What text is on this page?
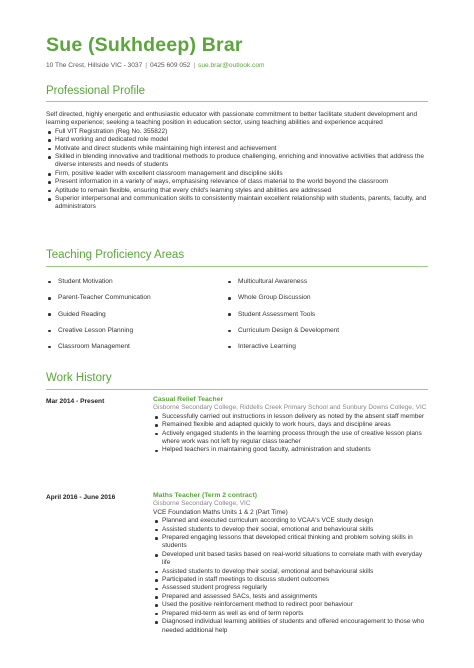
Sue (Sukhdeep) Brar
10 The Crest, Hillside VIC - 3037 | 0425 609 052 | sue.brar@outlook.com
Professional Profile
Self directed, highly energetic and enthusiastic educator with passionate commitment to better facilitate student development and learning experience; seeking a teaching position in education sector, using teaching abilities and experience acquired
Full VIT Registration (Reg No. 355822)
Hard working and dedicated role model
Motivate and direct students while maintaining high interest and achievement
Skilled in blending innovative and traditional methods to produce challenging, enriching and innovative activities that address the diverse interests and needs of students
Firm, positive leader with excellent classroom management and discipline skills
Present information in a variety of ways, emphasising relevance of class material to the world beyond the classroom
Aptitude to remain flexible, ensuring that every child's learning styles and abilities are addressed
Superior interpersonal and communication skills to consistently maintain excellent relationship with students, parents, faculty, and administrators
Teaching Proficiency Areas
Student Motivation	Multicultural Awareness
Parent-Teacher Communication	Whole Group Discussion
Guided Reading	Student Assessment Tools
Creative Lesson Planning	Curriculum Design & Development
Classroom Management	Interactive Learning
Work History
Mar 2014 - Present	Casual Relief Teacher
Gisborne Secondary College, Riddells Creek Primary School and Sunbury Downs College, VIC
Successfully carried out instructions in lesson delivery as noted by the absent staff member
Remained flexible and adapted quickly to work hours, days and discipline areas
Actively engaged students in the learning process through the use of creative lesson plans where work was not left by regular class teacher
Helped teachers in maintaining good faculty, administration and students
April 2016 - June 2016	Maths Teacher (Term 2 contract)
Gisborne Secondary College, VIC
VCE Foundation Maths Units 1 & 2 (Part Time)
Planned and executed curriculum according to VCAA's VCE study design
Assisted students to develop their social, emotional and behavioural skills
Prepared engaging lessons that developed critical thinking and problem solving skills in students
Developed unit based tasks based on real-world situations to correlate math with everyday life
Assisted students to develop their social, emotional and behavioural skills
Participated in staff meetings to discuss student outcomes
Assessed student progress regularly
Prepared and assessed SACs, tests and assignments
Used the positive reinforcement method to redirect poor behaviour
Prepared mid-term as well as end of term reports
Diagnosed individual learning abilities of students and offered encouragement to those who needed additional help
